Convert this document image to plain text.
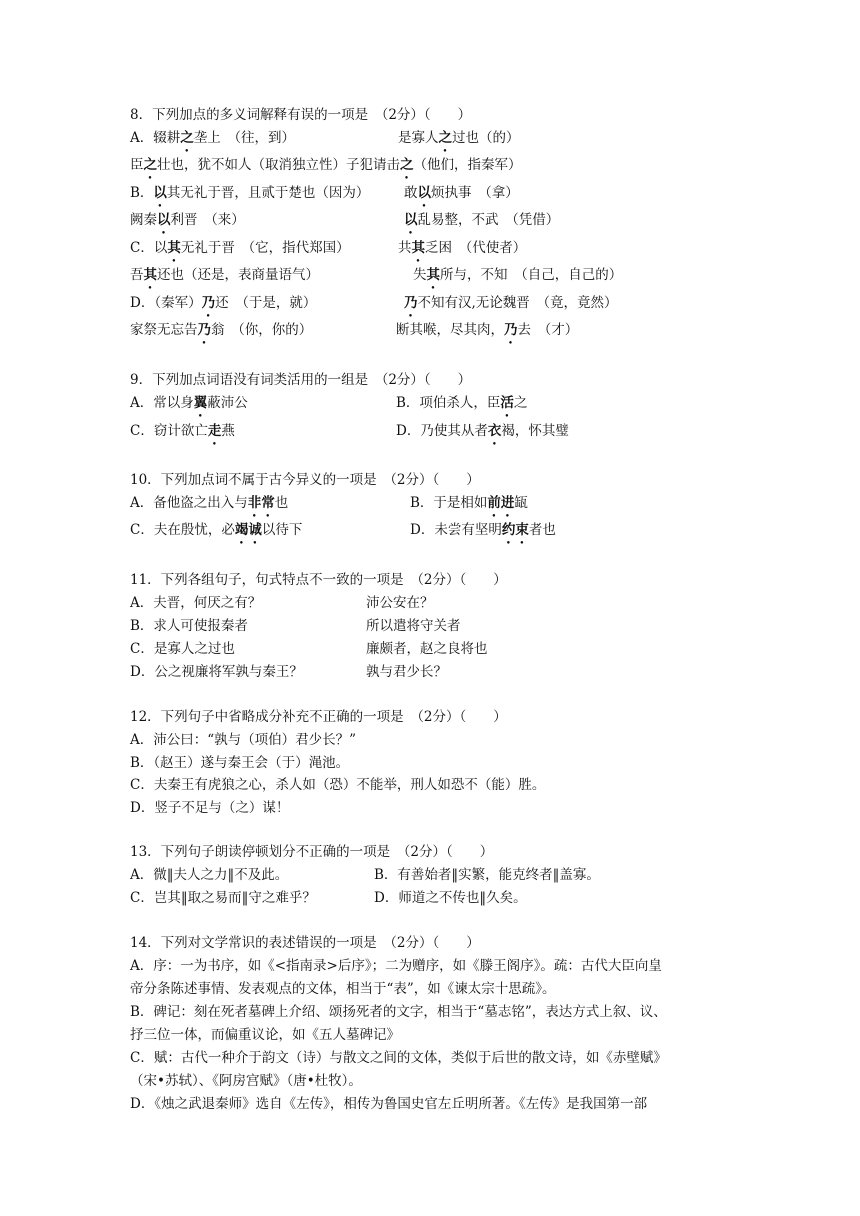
8．下列加点的多义词解释有误的一项是　（2分）（　　）
A．辍耕之垄上　（往，到）	是寡人之过也（的）
臣之壮也，犹不如人（取消独立性）子犯请击之（他们，指秦军）
B．以其无礼于晋，且贰于楚也（因为）	敢以烦执事　（拿）
阙秦以利晋　（来）	以乱易整，不武　（凭借）
C．以其无礼于晋　（它，指代郑国）	共其乏困　（代使者）
吾其还也（还是，表商量语气）	失其所与，不知　（自己，自己的）
D．（秦军）乃还　（于是，就）	乃不知有汉,无论魏晋　（竟，竟然）
家祭无忘告乃翁　（你，你的）	断其喉，尽其肉，乃去　（才）
9．下列加点词语没有词类活用的一组是　（2分）（　　）
A．常以身翼蔽沛公	B．项伯杀人，臣活之
C．窃计欲亡走燕	D．乃使其从者衣褐，怀其璧
10．下列加点词不属于古今异义的一项是　（2分）（　　）
A．备他盗之出入与非常也	B．于是相如前进缻
C．夫在殷忧，必竭诚以待下	D．未尝有坚明约束者也
11．下列各组句子，句式特点不一致的一项是　（2分）（　　）
A．夫晋，何厌之有？	沛公安在？
B．求人可使报秦者	所以遣将守关者
C．是寡人之过也	廉颇者，赵之良将也
D．公之视廉将军孰与秦王？	孰与君少长？
12．下列句子中省略成分补充不正确的一项是　（2分）（　　）
A．沛公曰：“孰与（项伯）君少长？”
B．（赵王）遂与秦王会（于）渑池。
C．夫秦王有虎狼之心，杀人如（恐）不能举，刑人如恐不（能）胜。
D．竖子不足与（之）谋！
13．下列句子朗读停顿划分不正确的一项是　（2分）（　　）
A．微‖夫人之力‖不及此。	B．有善始者‖实繁，能克终者‖盖寡。
C．岂其‖取之易而‖守之难乎？	D．师道之不传也‖久矣。
14．下列对文学常识的表述错误的一项是　（2分）（　　）
A．序：一为书序，如《<指南录>后序》；二为赠序，如《滕王阁序》。疏：古代大臣向皇
帝分条陈述事情、发表观点的文体，相当于“表”，如《谏太宗十思疏》。
B．碑记：刻在死者墓碑上介绍、颂扬死者的文字，相当于“墓志铭”，表达方式上叙、议、
抒三位一体，而偏重议论，如《五人墓碑记》
C．赋：古代一种介于韵文（诗）与散文之间的文体，类似于后世的散文诗，如《赤壁赋》
（宋•苏轼）、《阿房宫赋》（唐•杜牧）。
D．《烛之武退秦师》选自《左传》，相传为鲁国史官左丘明所著。《左传》是我国第一部
